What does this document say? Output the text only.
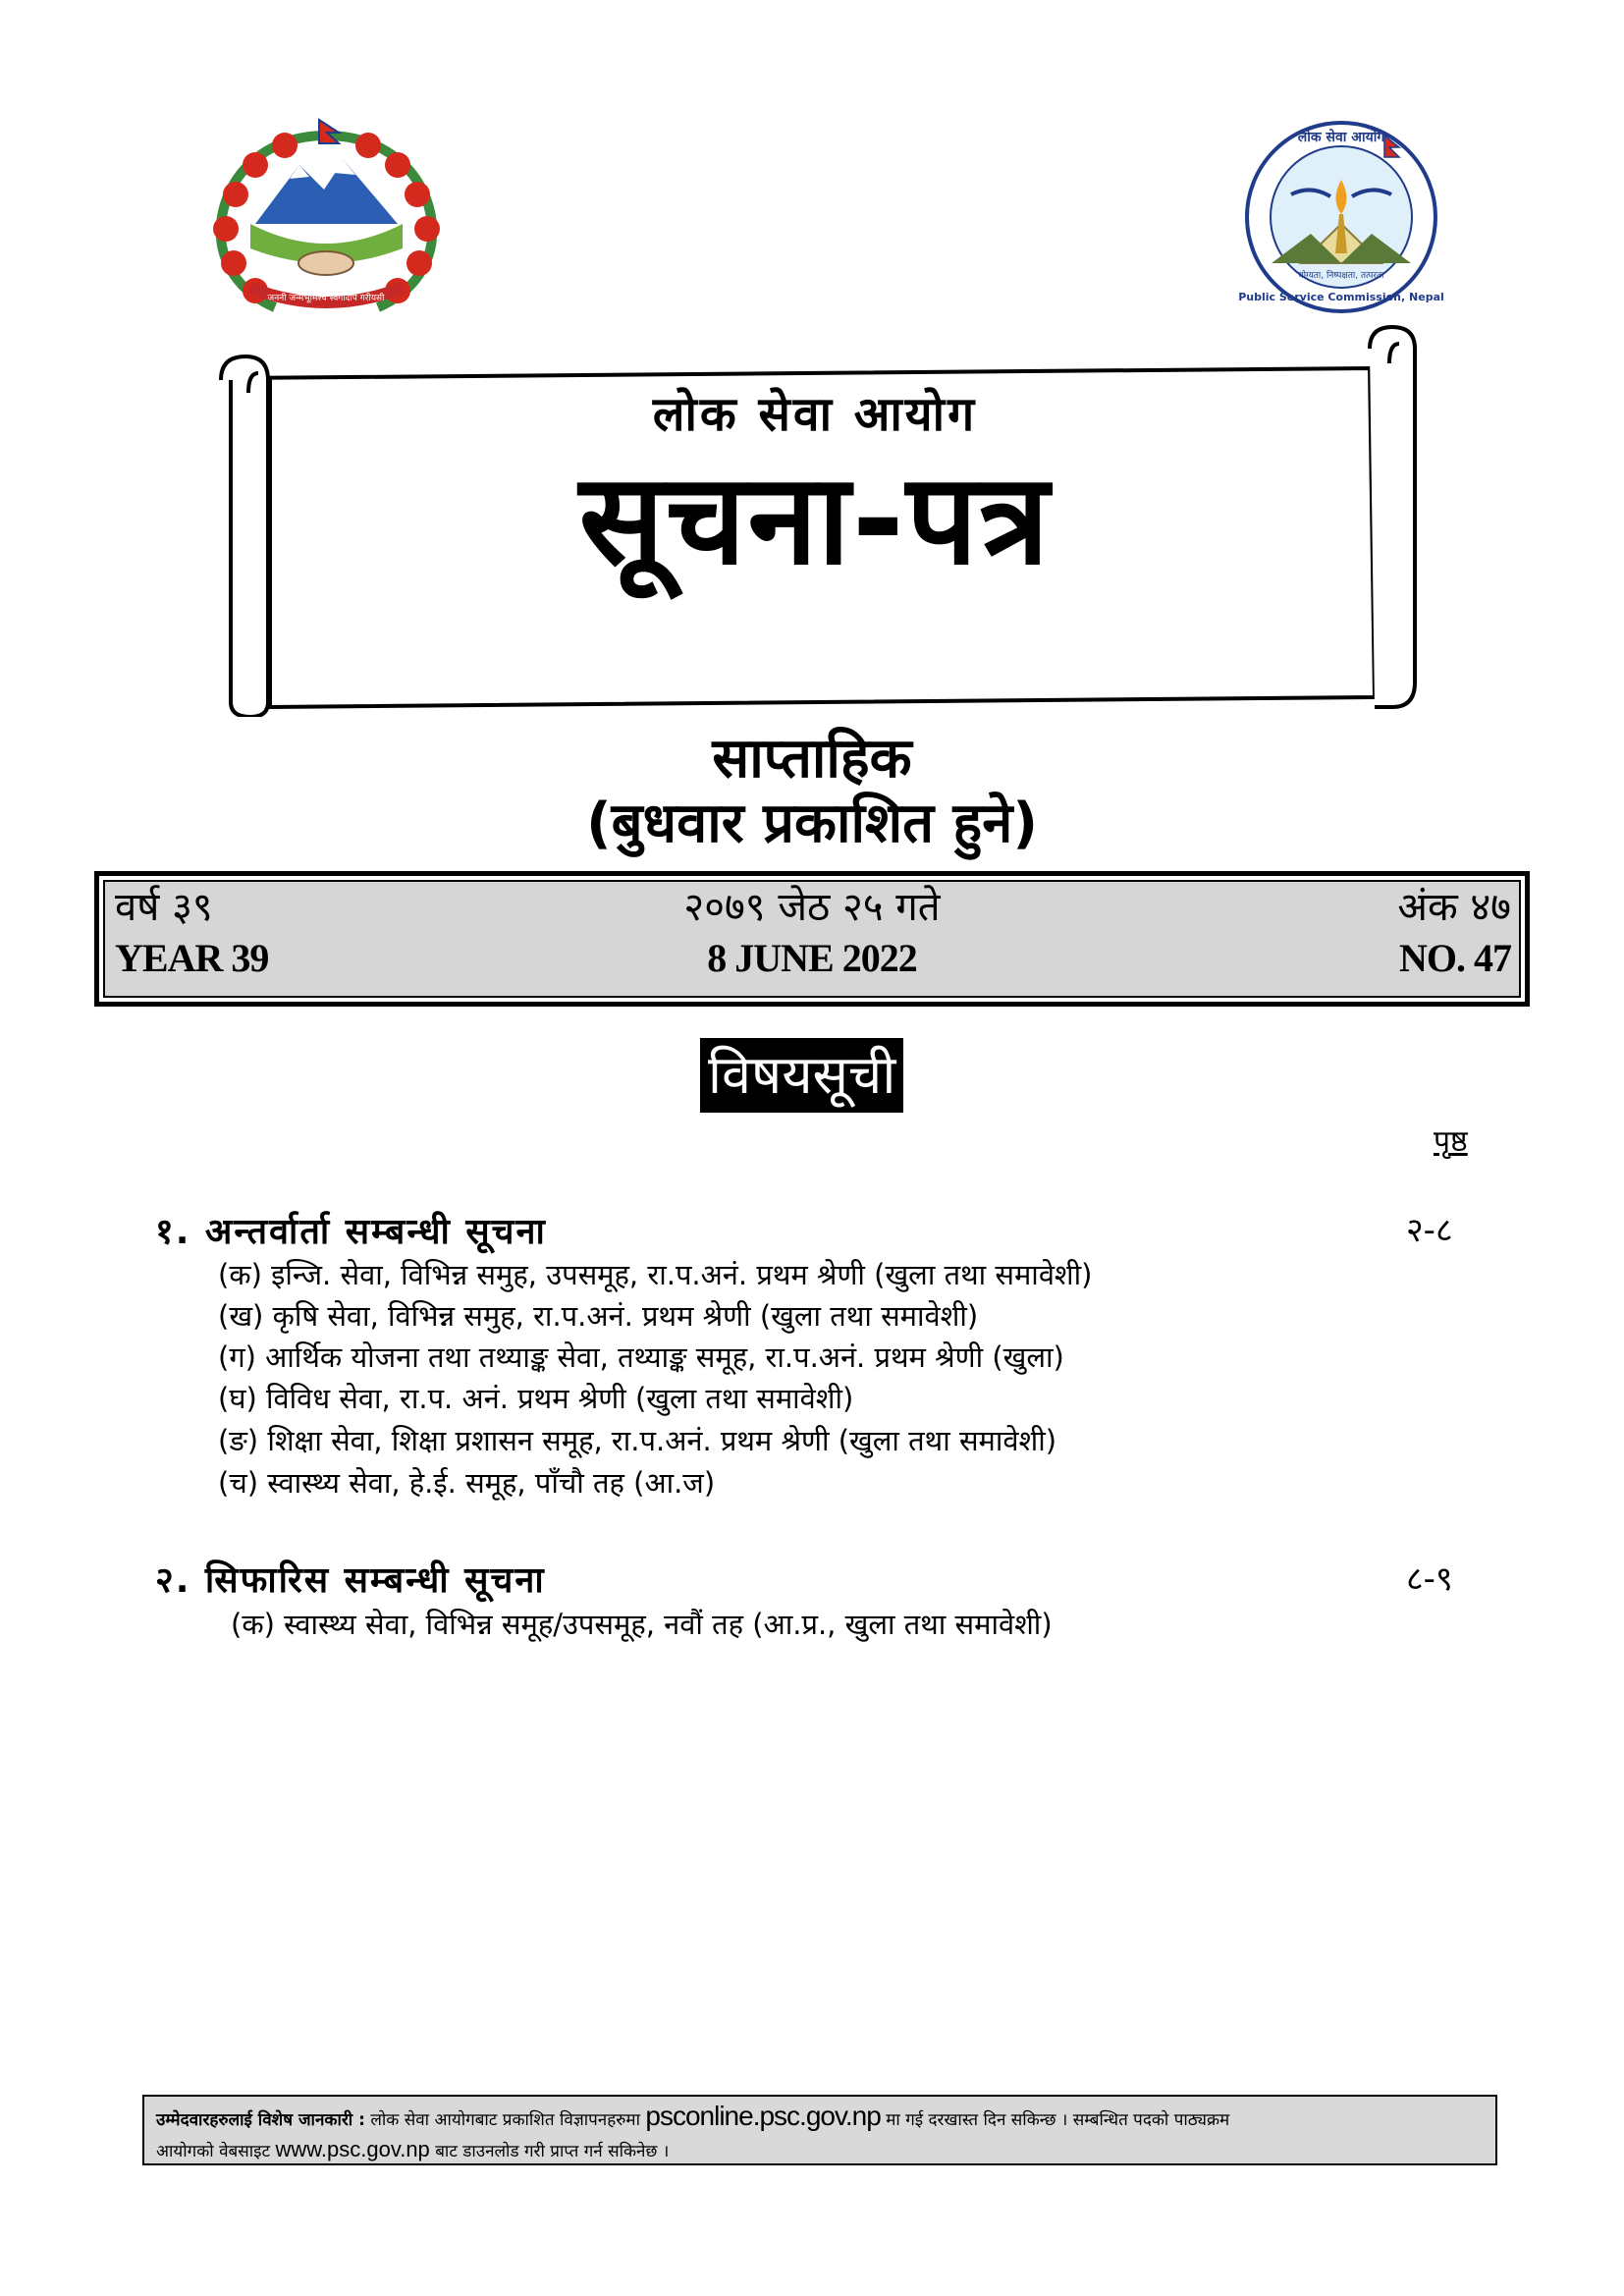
जननी जन्मभूमिश्च स्वर्गादपि गरीयसी
लोक सेवा आयोग
योग्यता, निष्पक्षता, तत्परता
Public Service Commission, Nepal
लोक सेवा आयोग
सूचना-पत्र
साप्ताहिक
(बुधवार प्रकाशित हुने)
वर्ष ३९
YEAR 39
२०७९ जेठ २५ गते
8 JUNE 2022
अंक ४७
NO. 47
विषयसूची
पृष्ठ
१. अन्तर्वार्ता सम्बन्धी सूचना	२-८
(क) इन्जि. सेवा, विभिन्न समुह, उपसमूह, रा.प.अनं. प्रथम श्रेणी (खुला तथा समावेशी)
(ख) कृषि सेवा, विभिन्न समुह, रा.प.अनं. प्रथम श्रेणी (खुला तथा समावेशी)
(ग) आर्थिक योजना तथा तथ्याङ्क सेवा, तथ्याङ्क समूह, रा.प.अनं. प्रथम श्रेणी (खुला)
(घ) विविध सेवा, रा.प. अनं. प्रथम श्रेणी (खुला तथा समावेशी)
(ङ) शिक्षा सेवा, शिक्षा प्रशासन समूह, रा.प.अनं. प्रथम श्रेणी (खुला तथा समावेशी)
(च) स्वास्थ्य सेवा, हे.ई. समूह, पाँचौ तह (आ.ज)
२. सिफारिस सम्बन्धी सूचना	८-९
(क) स्वास्थ्य सेवा, विभिन्न समूह/उपसमूह, नवौं तह (आ.प्र., खुला तथा समावेशी)
उम्मेदवारहरुलाई विशेष जानकारी : लोक सेवा आयोगबाट प्रकाशित विज्ञापनहरुमा psconline.psc.gov.np मा गई दरखास्त दिन सकिन्छ । सम्बन्धित पदको पाठ्यक्रम
आयोगको वेबसाइट www.psc.gov.np बाट डाउनलोड गरी प्राप्त गर्न सकिनेछ ।
